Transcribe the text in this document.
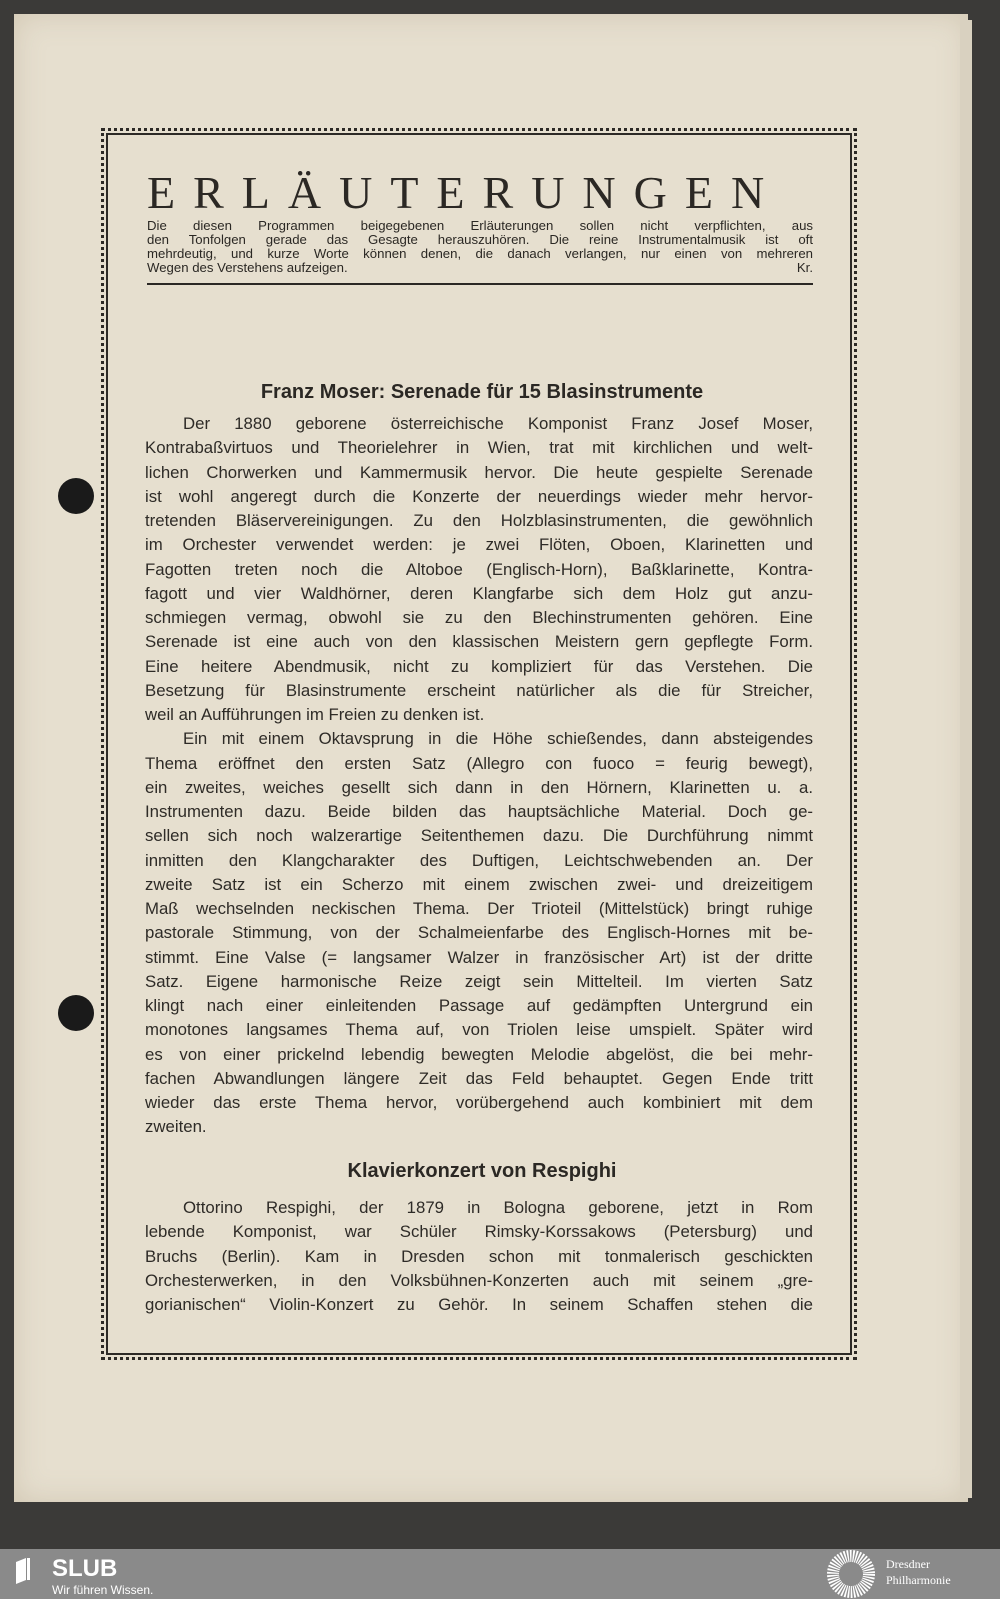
ERLÄUTERUNGEN
Die diesen Programmen beigegebenen Erläuterungen sollen nicht verpflichten, aus
den Tonfolgen gerade das Gesagte herauszuhören. Die reine Instrumentalmusik ist oft
mehrdeutig, und kurze Worte können denen, die danach verlangen, nur einen von mehreren
Wegen des Verstehens aufzeigen.	Kr.
Franz Moser: Serenade für 15 Blasinstrumente
Der 1880 geborene österreichische Komponist Franz Josef Moser,
Kontrabaßvirtuos und Theorielehrer in Wien, trat mit kirchlichen und welt-
lichen Chorwerken und Kammermusik hervor. Die heute gespielte Serenade
ist wohl angeregt durch die Konzerte der neuerdings wieder mehr hervor-
tretenden Bläservereinigungen. Zu den Holzblasinstrumenten, die gewöhnlich
im Orchester verwendet werden: je zwei Flöten, Oboen, Klarinetten und
Fagotten treten noch die Altoboe (Englisch-Horn), Baßklarinette, Kontra-
fagott und vier Waldhörner, deren Klangfarbe sich dem Holz gut anzu-
schmiegen vermag, obwohl sie zu den Blechinstrumenten gehören. Eine
Serenade ist eine auch von den klassischen Meistern gern gepflegte Form.
Eine heitere Abendmusik, nicht zu kompliziert für das Verstehen. Die
Besetzung für Blasinstrumente erscheint natürlicher als die für Streicher,
weil an Aufführungen im Freien zu denken ist.
Ein mit einem Oktavsprung in die Höhe schießendes, dann absteigendes
Thema eröffnet den ersten Satz (Allegro con fuoco = feurig bewegt),
ein zweites, weiches gesellt sich dann in den Hörnern, Klarinetten u. a.
Instrumenten dazu. Beide bilden das hauptsächliche Material. Doch ge-
sellen sich noch walzerartige Seitenthemen dazu. Die Durchführung nimmt
inmitten den Klangcharakter des Duftigen, Leichtschwebenden an. Der
zweite Satz ist ein Scherzo mit einem zwischen zwei- und dreizeitigem
Maß wechselnden neckischen Thema. Der Trioteil (Mittelstück) bringt ruhige
pastorale Stimmung, von der Schalmeienfarbe des Englisch-Hornes mit be-
stimmt. Eine Valse (= langsamer Walzer in französischer Art) ist der dritte
Satz. Eigene harmonische Reize zeigt sein Mittelteil. Im vierten Satz
klingt nach einer einleitenden Passage auf gedämpften Untergrund ein
monotones langsames Thema auf, von Triolen leise umspielt. Später wird
es von einer prickelnd lebendig bewegten Melodie abgelöst, die bei mehr-
fachen Abwandlungen längere Zeit das Feld behauptet. Gegen Ende tritt
wieder das erste Thema hervor, vorübergehend auch kombiniert mit dem
zweiten.
Klavierkonzert von Respighi
Ottorino Respighi, der 1879 in Bologna geborene, jetzt in Rom
lebende Komponist, war Schüler Rimsky-Korssakows (Petersburg) und
Bruchs (Berlin). Kam in Dresden schon mit tonmalerisch geschickten
Orchesterwerken, in den Volksbühnen-Konzerten auch mit seinem „gre-
gorianischen“ Violin-Konzert zu Gehör. In seinem Schaffen stehen die
SLUB
Wir führen Wissen.
Dresdner
Philharmonie
